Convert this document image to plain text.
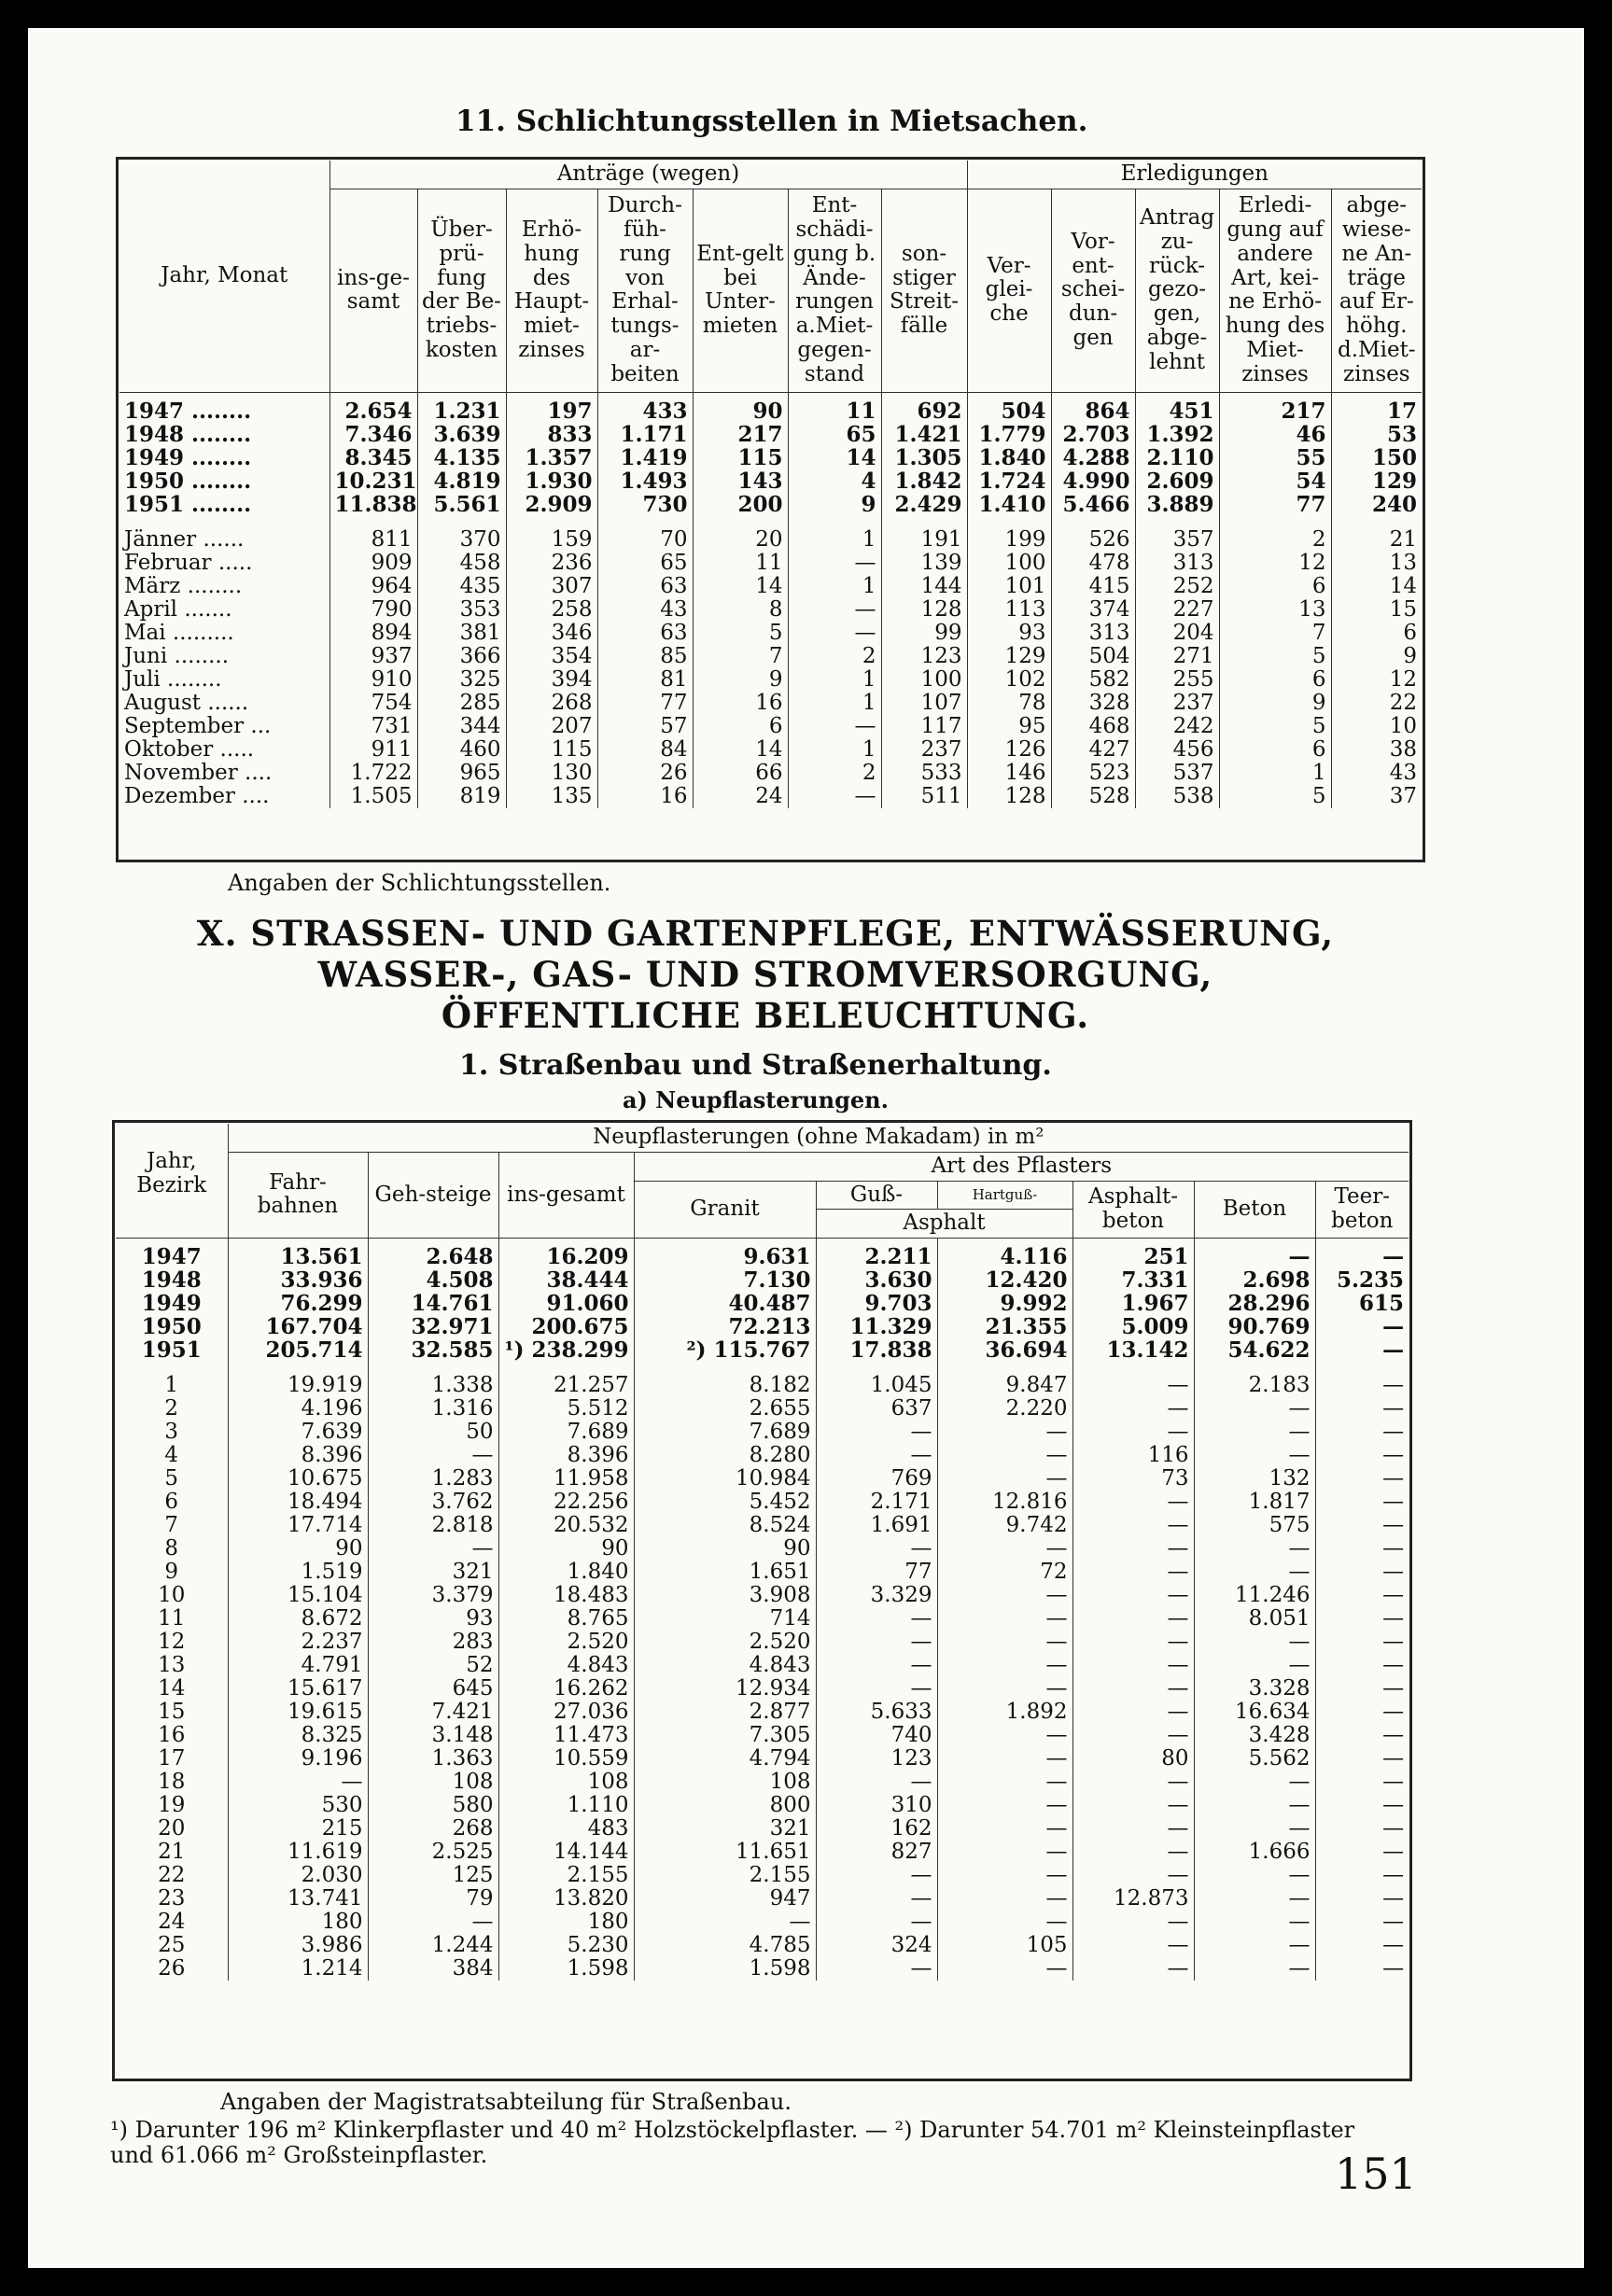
11. Schlichtungsstellen in Mietsachen.
Jahr, Monat	Anträge (wegen)							Erledigungen				
	ins-ge-samt	Über-prü-fung der Be-triebs-kosten	Erhö-hung des Haupt-miet-zinses	Durch-füh-rung von Erhal-tungs-ar-beiten	Ent-gelt bei Unter-mieten	Ent-schädi-gung b. Ände-rungen a.Miet-gegen-stand	son-stiger Streit-fälle	Ver-glei-che	Vor-ent-schei-dun-gen	Antrag zu-rück-gezo-gen, abge-lehnt	Erledi-gung auf andere Art, kei-ne Erhö-hung des Miet-zinses	abge-wiese-ne An-träge auf Er-höhg. d.Miet-zinses
1947 ........	2.654	1.231	197	433	90	11	692	504	864	451	217	17
1948 ........	7.346	3.639	833	1.171	217	65	1.421	1.779	2.703	1.392	46	53
1949 ........	8.345	4.135	1.357	1.419	115	14	1.305	1.840	4.288	2.110	55	150
1950 ........	10.231	4.819	1.930	1.493	143	4	1.842	1.724	4.990	2.609	54	129
1951 ........	11.838	5.561	2.909	730	200	9	2.429	1.410	5.466	3.889	77	240
Jänner ......	811	370	159	70	20	1	191	199	526	357	2	21
Februar .....	909	458	236	65	11	—	139	100	478	313	12	13
März ........	964	435	307	63	14	1	144	101	415	252	6	14
April .......	790	353	258	43	8	—	128	113	374	227	13	15
Mai .........	894	381	346	63	5	—	99	93	313	204	7	6
Juni ........	937	366	354	85	7	2	123	129	504	271	5	9
Juli ........	910	325	394	81	9	1	100	102	582	255	6	12
August ......	754	285	268	77	16	1	107	78	328	237	9	22
September ...	731	344	207	57	6	—	117	95	468	242	5	10
Oktober .....	911	460	115	84	14	1	237	126	427	456	6	38
November ....	1.722	965	130	26	66	2	533	146	523	537	1	43
Dezember ....	1.505	819	135	16	24	—	511	128	528	538	5	37
Angaben der Schlichtungsstellen.
X. STRASSEN- UND GARTENPFLEGE, ENTWÄSSERUNG,
WASSER-, GAS- UND STROMVERSORGUNG,
ÖFFENTLICHE BELEUCHTUNG.
1. Straßenbau und Straßenerhaltung.
a) Neupflasterungen.
Jahr, Bezirk	Neupflasterungen (ohne Makadam) in m²								
	Fahr-bahnen	Geh-steige	ins-gesamt	Art des Pflasters					
				Granit	Guß-	Hartguß-	Asphalt-beton	Beton	Teer-beton
					Asphalt				
1947	13.561	2.648	16.209	9.631	2.211	4.116	251	—	—
1948	33.936	4.508	38.444	7.130	3.630	12.420	7.331	2.698	5.235
1949	76.299	14.761	91.060	40.487	9.703	9.992	1.967	28.296	615
1950	167.704	32.971	200.675	72.213	11.329	21.355	5.009	90.769	—
1951	205.714	32.585	¹) 238.299	²) 115.767	17.838	36.694	13.142	54.622	—
1	19.919	1.338	21.257	8.182	1.045	9.847	—	2.183	—
2	4.196	1.316	5.512	2.655	637	2.220	—	—	—
3	7.639	50	7.689	7.689	—	—	—	—	—
4	8.396	—	8.396	8.280	—	—	116	—	—
5	10.675	1.283	11.958	10.984	769	—	73	132	—
6	18.494	3.762	22.256	5.452	2.171	12.816	—	1.817	—
7	17.714	2.818	20.532	8.524	1.691	9.742	—	575	—
8	90	—	90	90	—	—	—	—	—
9	1.519	321	1.840	1.651	77	72	—	—	—
10	15.104	3.379	18.483	3.908	3.329	—	—	11.246	—
11	8.672	93	8.765	714	—	—	—	8.051	—
12	2.237	283	2.520	2.520	—	—	—	—	—
13	4.791	52	4.843	4.843	—	—	—	—	—
14	15.617	645	16.262	12.934	—	—	—	3.328	—
15	19.615	7.421	27.036	2.877	5.633	1.892	—	16.634	—
16	8.325	3.148	11.473	7.305	740	—	—	3.428	—
17	9.196	1.363	10.559	4.794	123	—	80	5.562	—
18	—	108	108	108	—	—	—	—	—
19	530	580	1.110	800	310	—	—	—	—
20	215	268	483	321	162	—	—	—	—
21	11.619	2.525	14.144	11.651	827	—	—	1.666	—
22	2.030	125	2.155	2.155	—	—	—	—	—
23	13.741	79	13.820	947	—	—	12.873	—	—
24	180	—	180	—	—	—	—	—	—
25	3.986	1.244	5.230	4.785	324	105	—	—	—
26	1.214	384	1.598	1.598	—	—	—	—	—
Angaben der Magistratsabteilung für Straßenbau.
¹) Darunter 196 m² Klinkerpflaster und 40 m² Holzstöckelpflaster. — ²) Darunter 54.701 m² Kleinsteinpflaster
und 61.066 m² Großsteinpflaster.	151
